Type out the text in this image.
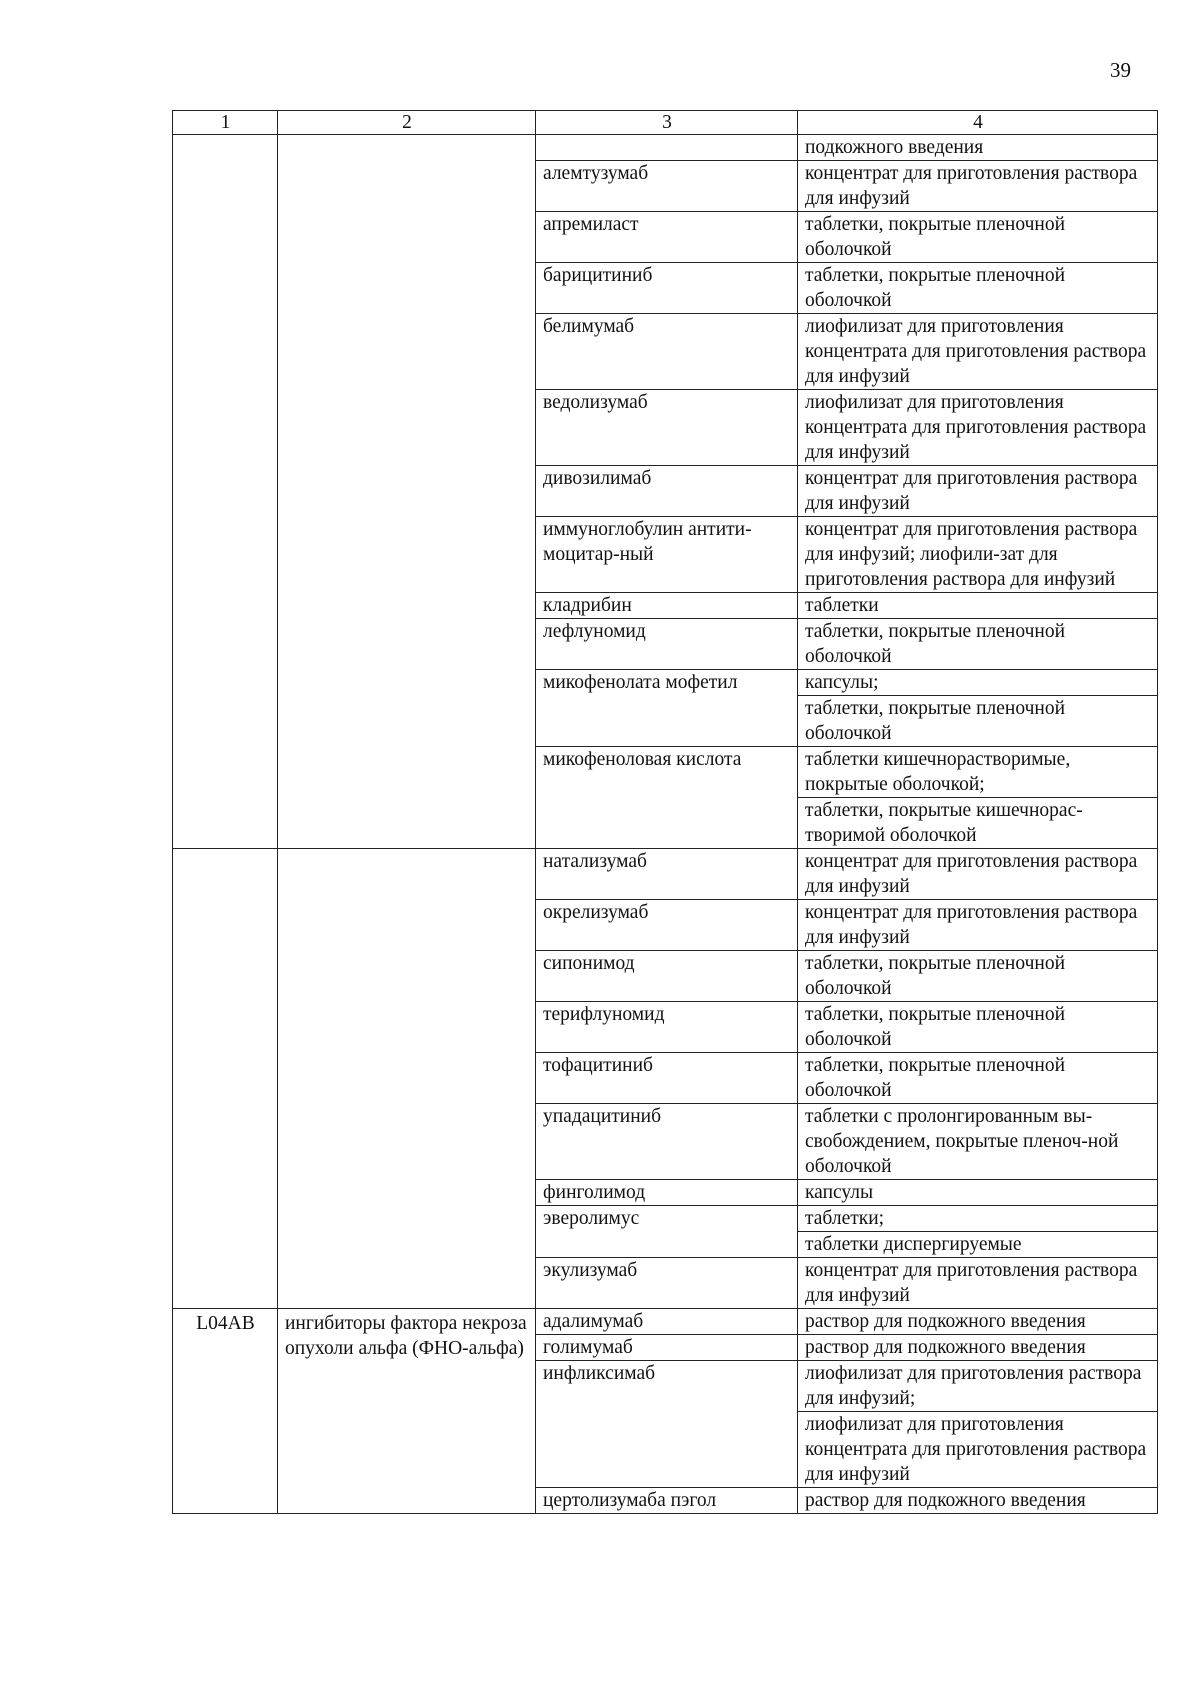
39
1	2	3	4
			подкожного введения
		алемтузумаб	концентрат для приготовления раствора для инфузий
		апремиласт	таблетки, покрытые пленочной оболочкой
		барицитиниб	таблетки, покрытые пленочной оболочкой
		белимумаб	лиофилизат для приготовления концентрата для приготовления раствора для инфузий
		ведолизумаб	лиофилизат для приготовления концентрата для приготовления раствора для инфузий
		дивозилимаб	концентрат для приготовления раствора для инфузий
		иммуноглобулин антити-моцитар-ный	концентрат для приготовления раствора для инфузий; лиофили-зат для приготовления раствора для инфузий
		кладрибин	таблетки
		лефлуномид	таблетки, покрытые пленочной оболочкой
		микофенолата мофетил	капсулы;
			таблетки, покрытые пленочной оболочкой
		микофеноловая кислота	таблетки кишечнорастворимые, покрытые оболочкой;
			таблетки, покрытые кишечнорас-творимой оболочкой
		натализумаб	концентрат для приготовления раствора для инфузий
		окрелизумаб	концентрат для приготовления раствора для инфузий
		сипонимод	таблетки, покрытые пленочной оболочкой
		терифлуномид	таблетки, покрытые пленочной оболочкой
		тофацитиниб	таблетки, покрытые пленочной оболочкой
		упадацитиниб	таблетки с пролонгированным вы-свобождением, покрытые пленоч-ной оболочкой
		финголимод	капсулы
		эверолимус	таблетки;
			таблетки диспергируемые
		экулизумаб	концентрат для приготовления раствора для инфузий
L04AB	ингибиторы фактора некроза опухоли альфа (ФНО-альфа)	адалимумаб	раствор для подкожного введения
		голимумаб	раствор для подкожного введения
		инфликсимаб	лиофилизат для приготовления раствора для инфузий;
			лиофилизат для приготовления концентрата для приготовления раствора для инфузий
		цертолизумаба пэгол	раствор для подкожного введения
